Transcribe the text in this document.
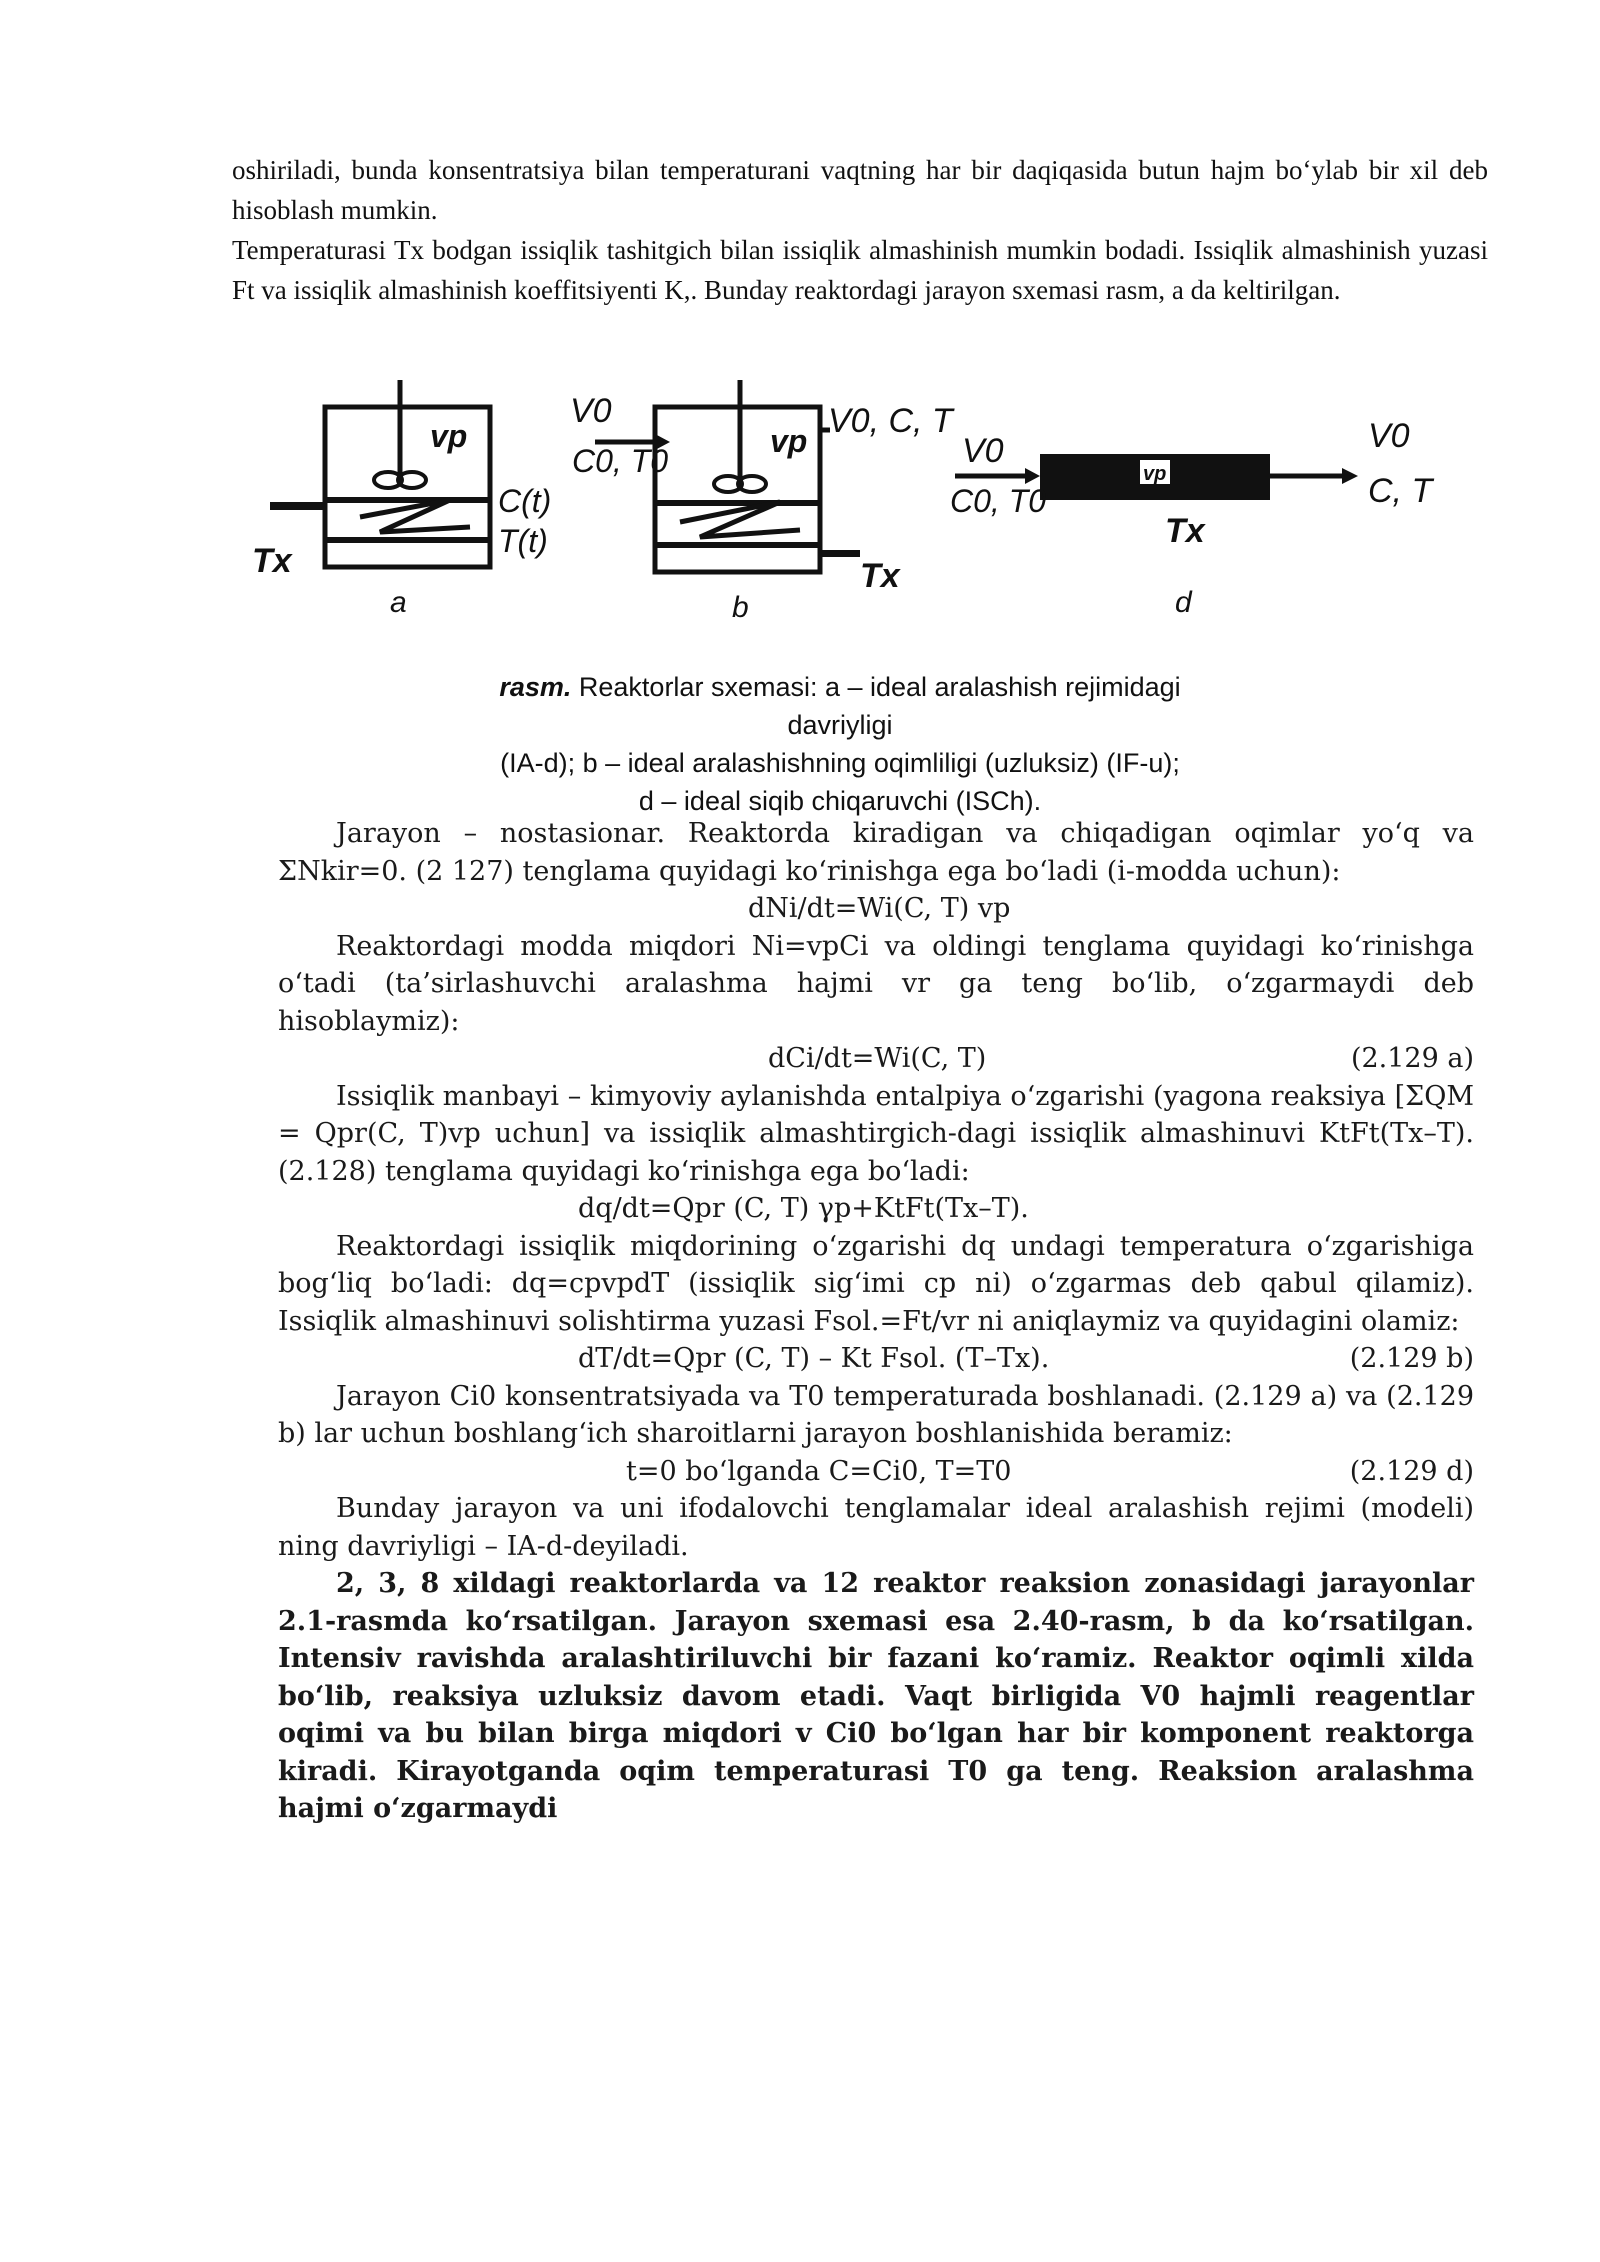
oshiriladi, bunda konsentratsiya bilan temperaturani vaqtning har bir daqiqasida butun hajm bo‘ylab bir xil deb hisoblash mumkin.

Temperaturasi Tx bodgan issiqlik tashitgich bilan issiqlik almashinish mumkin bodadi. Issiqlik almashinish yuzasi Ft va issiqlik almashinish koeffitsiyenti K,. Bunday reaktordagi jarayon sxemasi rasm, a da keltirilgan.

vp
C(t)
T(t)
Tx
a
V0
C0, T0
vp
V0, C, T
Tx
b
vp
V0
C0, T0
Tx
V0
C, T
d
rasm. Reaktorlar sxemasi: a – ideal aralashish rejimidagi davriyligi
(IA-d); b – ideal aralashishning oqimliligi (uzluksiz) (IF-u);
d – ideal siqib chiqaruvchi (ISCh).

Jarayon – nostasionar. Reaktorda kiradigan va chiqadigan oqimlar yo‘q va ΣNkir=0. (2 127) tenglama quyidagi ko‘rinishga ega bo‘ladi (i-modda uchun):

dNi/dt=Wi(C, T) vp

Reaktordagi modda miqdori Ni=vpCi va oldingi tenglama quyidagi ko‘rinishga o‘tadi (ta’sirlashuvchi aralashma hajmi vr ga teng bo‘lib, o‘zgarmaydi deb hisoblaymiz):

dCi/dt=Wi(C, T)	(2.129 a)

Issiqlik manbayi – kimyoviy aylanishda entalpiya o‘zgarishi (yagona reaksiya [ΣQM = Qpr(C, T)vp uchun] va issiqlik almashtirgich-dagi issiqlik almashinuvi KtFt(Tx–T). (2.128) tenglama quyidagi ko‘rinishga ega bo‘ladi:

dq/dt=Qpr (C, T) γp+KtFt(Tx–T).

Reaktordagi issiqlik miqdorining o‘zgarishi dq undagi temperatura o‘zgarishiga bog‘liq bo‘ladi: dq=cpvpdT (issiqlik sig‘imi cp ni) o‘zgarmas deb qabul qilamiz). Issiqlik almashinuvi solishtirma yuzasi Fsol.=Ft/vr ni aniqlaymiz va quyidagini olamiz:

dT/dt=Qpr (C, T) – Kt Fsol. (T–Tx).	(2.129 b)

Jarayon Ci0 konsentratsiyada va T0 temperaturada boshlanadi. (2.129 a) va (2.129 b) lar uchun boshlang‘ich sharoitlarni jarayon boshlanishida beramiz:

t=0 bo‘lganda C=Ci0, T=T0	(2.129 d)

Bunday jarayon va uni ifodalovchi tenglamalar ideal aralashish rejimi (modeli) ning davriyligi – IA-d-deyiladi.

2, 3, 8 xildagi reaktorlarda va 12 reaktor reaksion zonasidagi jarayonlar 2.1-rasmda ko‘rsatilgan. Jarayon sxemasi esa 2.40-rasm, b da ko‘rsatilgan. Intensiv ravishda aralashtiriluvchi bir fazani ko‘ramiz. Reaktor oqimli xilda bo‘lib, reaksiya uzluksiz davom etadi. Vaqt birligida V0 hajmli reagentlar oqimi va bu bilan birga miqdori v Ci0 bo‘lgan har bir komponent reaktorga kiradi. Kirayotganda oqim temperaturasi T0 ga teng. Reaksion aralashma hajmi o‘zgarmaydi
